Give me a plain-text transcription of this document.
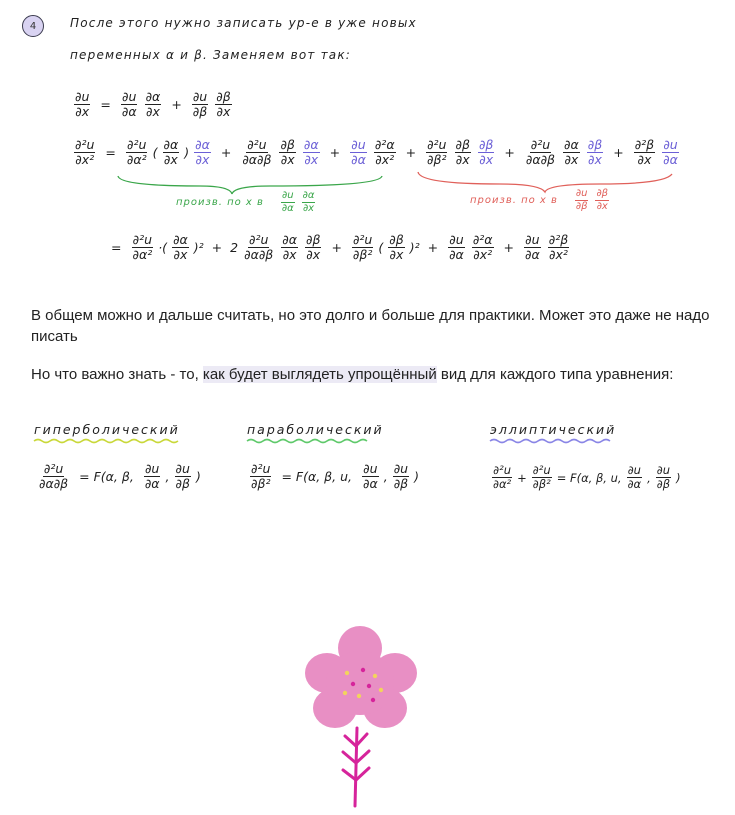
4	После этого нужно записать ур-е в уже новых
переменных α и β. Заменяем вот так:
$\frac{\partial u}{\partial x} = \frac{\partial u}{\partial\alpha} \frac{\partial\alpha}{\partial x} + \frac{\partial u}{\partial\beta} \frac{\partial\beta}{\partial x}$
$\frac{\text{∂²u}}{\text{∂x²}} = \frac{\text{∂²u}}{\text{∂α²}}$ ( $\frac{\partial\alpha}{\partial x}$ ) $\frac{\partial\alpha}{\partial x} + \frac{\text{∂²u}}{\partial\alpha\partial\beta} \frac{\partial\beta}{\partial x} \frac{\partial\alpha}{\partial x} + \frac{\partial u}{\partial\alpha} \frac{\text{∂²α}}{\text{∂x²}} + \frac{\text{∂²u}}{\text{∂β²}} \frac{\partial\beta}{\partial x} \frac{\partial\beta}{\partial x} + \frac{\text{∂²u}}{\partial\alpha\partial\beta} \frac{\partial\alpha}{\partial x} \frac{\partial\beta}{\partial x} + \frac{\text{∂²β}}{\partial x} \frac{\partial u}{\partial\alpha}$
произв. по x в $\frac{\partial u}{\partial\alpha} \frac{\partial\alpha}{\partial x}$	произв. по x в $\frac{\partial u}{\partial\beta} \frac{\partial\beta}{\partial x}$
= $\frac{\text{∂²u}}{\text{∂α²}}$ ·( $\frac{\partial\alpha}{\partial x} )^2 + 2 \frac{\text{∂²u}}{\partial\alpha\partial\beta} \frac{\partial\alpha}{\partial x} \frac{\partial\beta}{\partial x} + \frac{\text{∂²u}}{\text{∂β²}}$ ( $\frac{\partial\beta}{\partial x} )^2 + \frac{\partial u}{\partial\alpha} \frac{\text{∂²α}}{\text{∂x²}} + \frac{\partial u}{\partial\alpha} \frac{\text{∂²β}}{\text{∂x²}}$
В общем можно и дальше считать, но это долго и больше для практики. Может это даже не надо писать
Но что важно знать - то, как будет выглядеть упрощённый вид для каждого типа уравнения:
гиперболический	параболический	эллиптический
$\frac{\text{∂²u}}{\partial\alpha\partial\beta} = F(\alpha$, β, $\frac{\partial u}{\partial\alpha}$ , $\frac{\partial u}{\partial\beta}$ )	$\frac{\text{∂²u}}{\text{∂β²}} = F(\alpha$, β, u, $\frac{\partial u}{\partial\alpha}$ , $\frac{\partial u}{\partial\beta}$ )	$\frac{\text{∂²u}}{\text{∂α²}} + \frac{\text{∂²u}}{\text{∂β²}} = F(\alpha$, β, u, $\frac{\partial u}{\partial\alpha}$ , $\frac{\partial u}{\partial\beta}$ )
